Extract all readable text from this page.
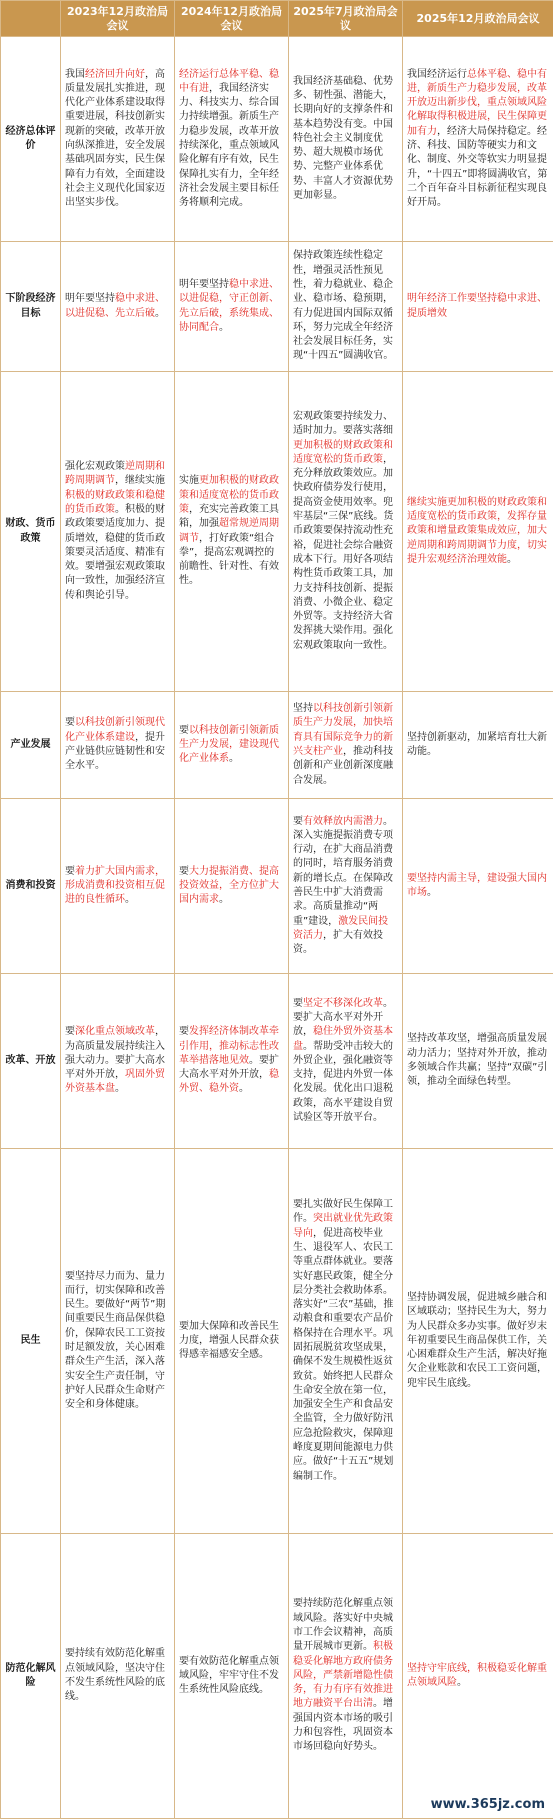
	2023年12月政治局会议	2024年12月政治局会议	2025年7月政治局会议	2025年12月政治局会议
经济总体评价	我国经济回升向好，高质量发展扎实推进，现代化产业体系建设取得重要进展，科技创新实现新的突破，改革开放向纵深推进，安全发展基础巩固夯实，民生保障有力有效，全面建设社会主义现代化国家迈出坚实步伐。	经济运行总体平稳、稳中有进，我国经济实力、科技实力、综合国力持续增强。新质生产力稳步发展，改革开放持续深化，重点领域风险化解有序有效，民生保障扎实有力，全年经济社会发展主要目标任务将顺利完成。	我国经济基础稳、优势多、韧性强、潜能大，长期向好的支撑条件和基本趋势没有变。中国特色社会主义制度优势、超大规模市场优势、完整产业体系优势、丰富人才资源优势更加彰显。	我国经济运行总体平稳、稳中有进，新质生产力稳步发展，改革开放迈出新步伐，重点领域风险化解取得积极进展，民生保障更加有力，经济大局保持稳定。经济、科技、国防等硬实力和文化、制度、外交等软实力明显提升，“十四五”即将圆满收官，第二个百年奋斗目标新征程实现良好开局。
下阶段经济目标	明年要坚持稳中求进、以进促稳、先立后破。	明年要坚持稳中求进、以进促稳，守正创新、先立后破，系统集成、协同配合。	保持政策连续性稳定性，增强灵活性预见性，着力稳就业、稳企业、稳市场、稳预期，有力促进国内国际双循环，努力完成全年经济社会发展目标任务，实现“十四五”圆满收官。	明年经济工作要坚持稳中求进、提质增效
财政、货币政策	强化宏观政策逆周期和跨周期调节，继续实施积极的财政政策和稳健的货币政策。积极的财政政策要适度加力、提质增效，稳健的货币政策要灵活适度、精准有效。要增强宏观政策取向一致性，加强经济宣传和舆论引导。	实施更加积极的财政政策和适度宽松的货币政策，充实完善政策工具箱，加强超常规逆周期调节，打好政策“组合拳”，提高宏观调控的前瞻性、针对性、有效性。	宏观政策要持续发力、适时加力。要落实落细更加积极的财政政策和适度宽松的货币政策，充分释放政策效应。加快政府债券发行使用，提高资金使用效率。兜牢基层“三保”底线。货币政策要保持流动性充裕，促进社会综合融资成本下行。用好各项结构性货币政策工具，加力支持科技创新、提振消费、小微企业、稳定外贸等。支持经济大省发挥挑大梁作用。强化宏观政策取向一致性。	继续实施更加积极的财政政策和适度宽松的货币政策，发挥存量政策和增量政策集成效应，加大逆周期和跨周期调节力度，切实提升宏观经济治理效能。
产业发展	要以科技创新引领现代化产业体系建设，提升产业链供应链韧性和安全水平。	要以科技创新引领新质生产力发展，建设现代化产业体系。	坚持以科技创新引领新质生产力发展，加快培育具有国际竞争力的新兴支柱产业，推动科技创新和产业创新深度融合发展。	坚持创新驱动，加紧培育壮大新动能。
消费和投资	要着力扩大国内需求，形成消费和投资相互促进的良性循环。	要大力提振消费、提高投资效益，全方位扩大国内需求。	要有效释放内需潜力。深入实施提振消费专项行动，在扩大商品消费的同时，培育服务消费新的增长点。在保障改善民生中扩大消费需求。高质量推动“两重”建设，激发民间投资活力，扩大有效投资。	要坚持内需主导，建设强大国内市场。
改革、开放	要深化重点领域改革，为高质量发展持续注入强大动力。要扩大高水平对外开放，巩固外贸外资基本盘。	要发挥经济体制改革牵引作用，推动标志性改革举措落地见效。要扩大高水平对外开放，稳外贸、稳外资。	要坚定不移深化改革。要扩大高水平对外开放，稳住外贸外资基本盘。帮助受冲击较大的外贸企业，强化融资等支持，促进内外贸一体化发展。优化出口退税政策，高水平建设自贸试验区等开放平台。	坚持改革攻坚，增强高质量发展动力活力；坚持对外开放，推动多领域合作共赢；坚持“双碳”引领，推动全面绿色转型。
民生	要坚持尽力而为、量力而行，切实保障和改善民生。要做好“两节”期间重要民生商品保供稳价，保障农民工工资按时足额发放，关心困难群众生产生活，深入落实安全生产责任制，守护好人民群众生命财产安全和身体健康。	要加大保障和改善民生力度，增强人民群众获得感幸福感安全感。	要扎实做好民生保障工作。突出就业优先政策导向，促进高校毕业生、退役军人、农民工等重点群体就业。要落实好惠民政策，健全分层分类社会救助体系。落实好“三农”基础，推动粮食和重要农产品价格保持在合理水平。巩固拓展脱贫攻坚成果，确保不发生规模性返贫致贫。始终把人民群众生命安全放在第一位，加强安全生产和食品安全监管，全力做好防汛应急抢险救灾，保障迎峰度夏期间能源电力供应。做好“十五五”规划编制工作。	坚持协调发展，促进城乡融合和区域联动；坚持民生为大，努力为人民群众多办实事。做好岁末年初重要民生商品保供工作，关心困难群众生产生活，解决好拖欠企业账款和农民工工资问题，兜牢民生底线。
防范化解风险	要持续有效防范化解重点领域风险，坚决守住不发生系统性风险的底线。	要有效防范化解重点领域风险，牢牢守住不发生系统性风险底线。	要持续防范化解重点领域风险。落实好中央城市工作会议精神，高质量开展城市更新。积极稳妥化解地方政府债务风险，严禁新增隐性债务，有力有序有效推进地方融资平台出清。增强国内资本市场的吸引力和包容性，巩固资本市场回稳向好势头。	坚持守牢底线，积极稳妥化解重点领域风险。
www.365jz.com
